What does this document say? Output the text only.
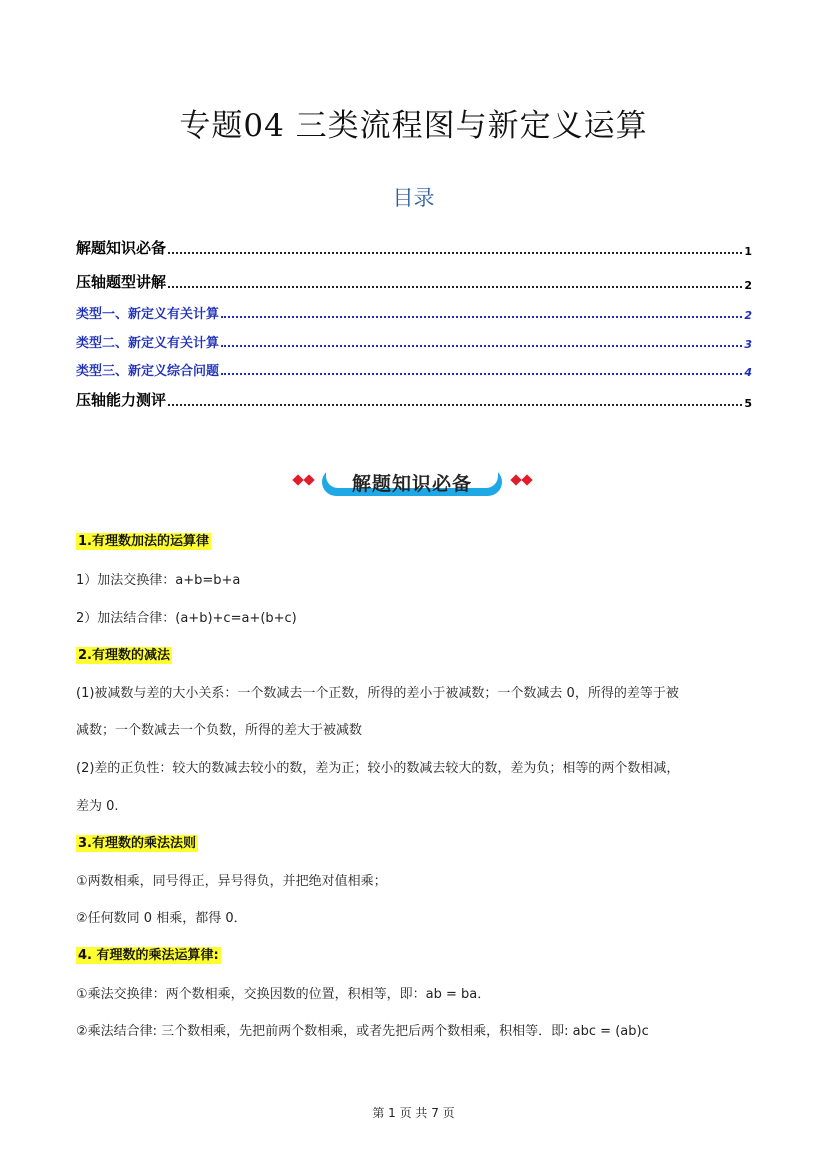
专题04 三类流程图与新定义运算
目录
解题知识必备	1
压轴题型讲解	2
类型一、新定义有关计算	2
类型二、新定义有关计算	3
类型三、新定义综合问题	4
压轴能力测评	5
解题知识必备
1.有理数加法的运算律
1）加法交换律：a+b=b+a
2）加法结合律：(a+b)+c=a+(b+c)
2.有理数的减法
(1)被减数与差的大小关系：一个数减去一个正数，所得的差小于被减数；一个数减去 0，所得的差等于被
减数；一个数减去一个负数，所得的差大于被减数
(2)差的正负性：较大的数减去较小的数，差为正；较小的数减去较大的数，差为负；相等的两个数相减，
差为 0.
3.有理数的乘法法则
①两数相乘，同号得正，异号得负，并把绝对值相乘；
②任何数同 0 相乘，都得 0．
4. 有理数的乘法运算律:
①乘法交换律：两个数相乘，交换因数的位置，积相等，即：ab = ba．
②乘法结合律: 三个数相乘，先把前两个数相乘，或者先把后两个数相乘，积相等．即: abc = (ab)c
第 1 页 共 7 页
